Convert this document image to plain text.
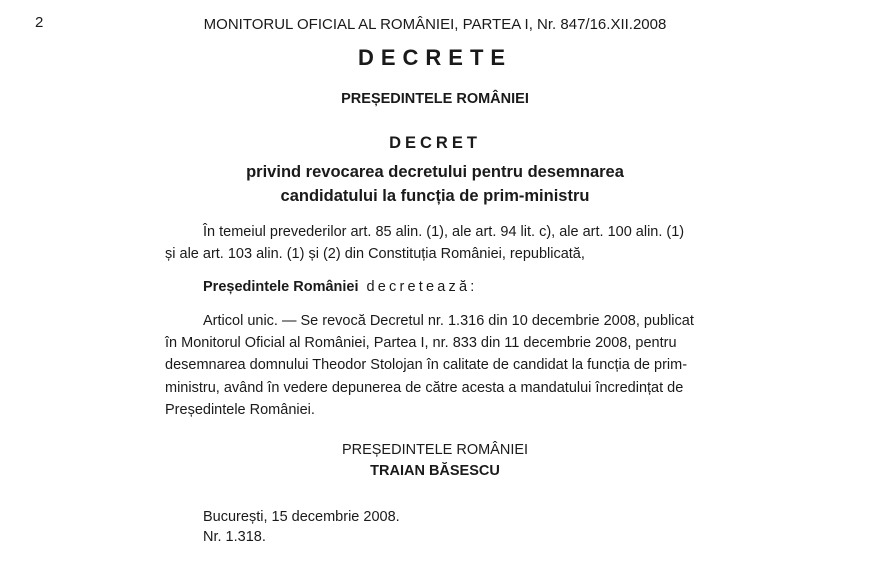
2	MONITORUL OFICIAL AL ROMÂNIEI, PARTEA I, Nr. 847/16.XII.2008
DECRETE
PREȘEDINTELE ROMÂNIEI
DECRET
privind revocarea decretului pentru desemnarea
candidatului la funcția de prim-ministru
În temeiul prevederilor art. 85 alin. (1), ale art. 94 lit. c), ale art. 100 alin. (1)
și ale art. 103 alin. (1) și (2) din Constituția României, republicată,
Președintele României decretează:
Articol unic. — Se revocă Decretul nr. 1.316 din 10 decembrie 2008, publicat
în Monitorul Oficial al României, Partea I, nr. 833 din 11 decembrie 2008, pentru
desemnarea domnului Theodor Stolojan în calitate de candidat la funcția de prim-
ministru, având în vedere depunerea de către acesta a mandatului încredințat de
Președintele României.
PREȘEDINTELE ROMÂNIEI
TRAIAN BĂSESCU
București, 15 decembrie 2008.
Nr. 1.318.
